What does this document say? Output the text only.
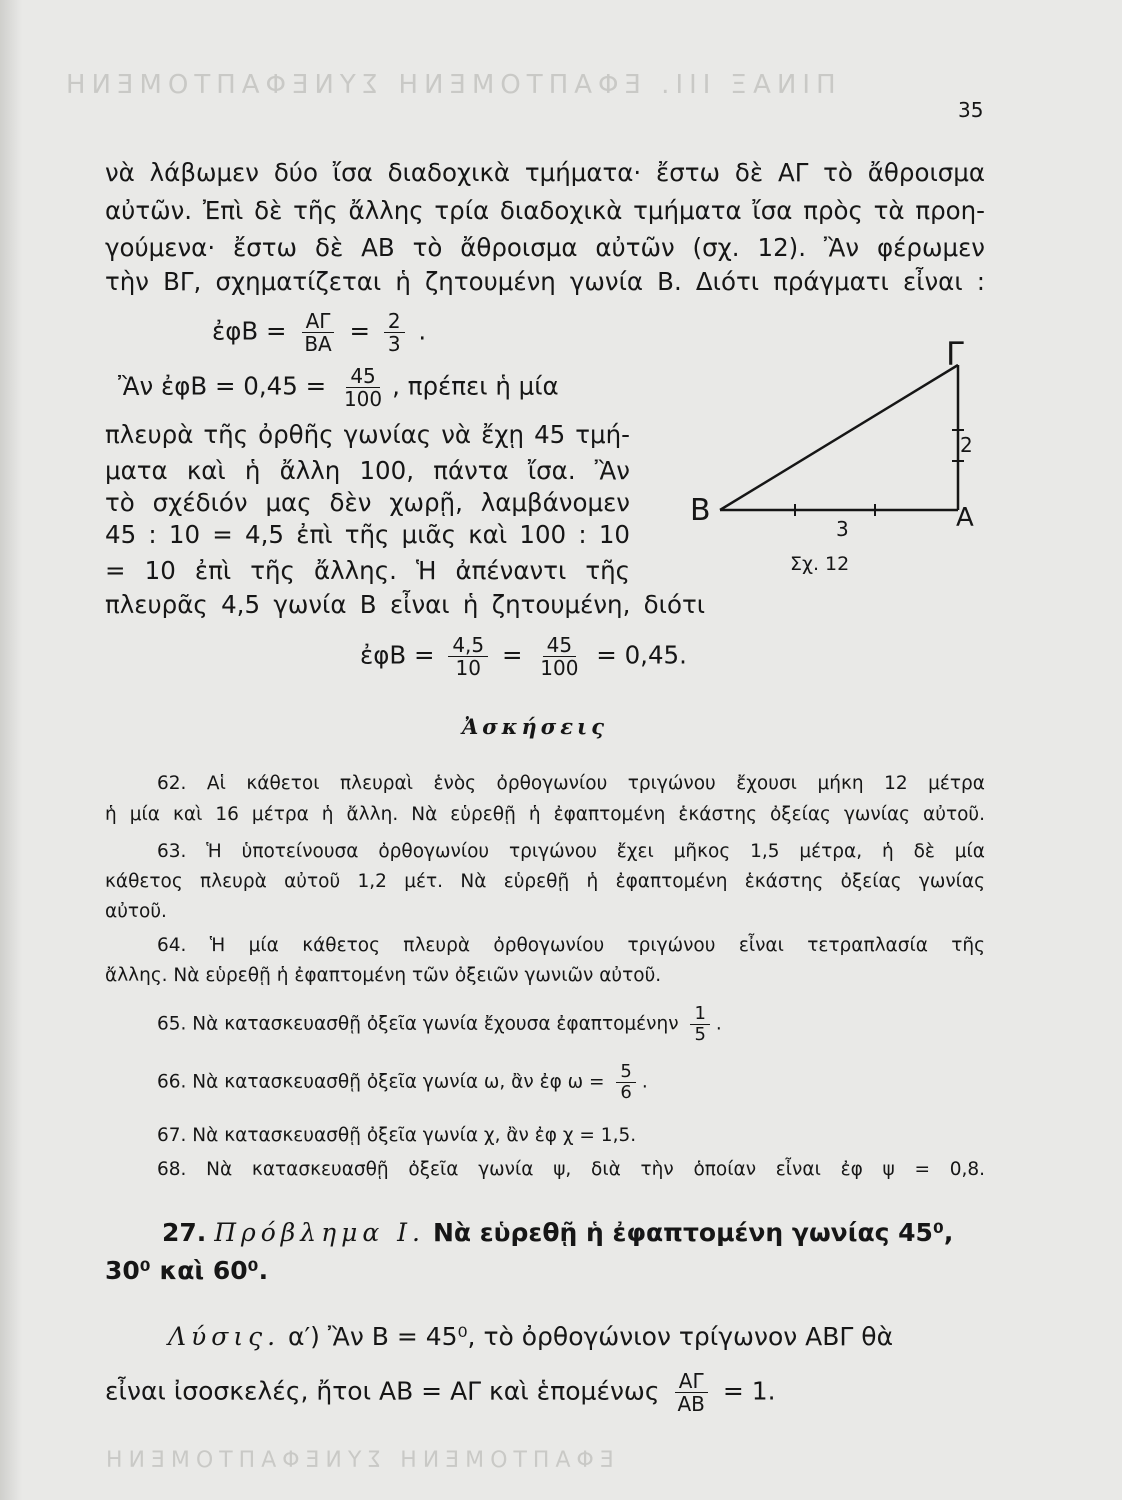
ΠΙΝΑΞ III. ΕΦΑΠΤΟΜΕΝΗ ΣΥΝΕΦΑΠΤΟΜΕΝΗ
ΕΦΑΠΤΟΜΕΝΗ ΣΥΝΕΦΑΠΤΟΜΕΝΗ
35
νὰ λάβωμεν δύο ἴσα διαδοχικὰ τμήματα· ἔστω δὲ ΑΓ τὸ ἄθροισμα
αὐτῶν. Ἐπὶ δὲ τῆς ἄλλης τρία διαδοχικὰ τμήματα ἴσα πρὸς τὰ προη-
γούμενα· ἔστω δὲ ΑΒ τὸ ἄθροισμα αὐτῶν (σχ. 12). Ἂν φέρωμεν
τὴν ΒΓ, σχηματίζεται ἡ ζητουμένη γωνία Β. Διότι πράγματι εἶναι :
ἐφΒ = $\frac{A\Gamma}{BA} = \frac{2}{3}$ .
Ἂν ἐφΒ = $0,45 = \frac{45}{100}$ , πρέπει ἡ μία
πλευρὰ τῆς ὀρθῆς γωνίας νὰ ἔχῃ 45 τμή-
ματα καὶ ἡ ἄλλη 100, πάντα ἴσα. Ἂν
τὸ σχέδιόν μας δὲν χωρῇ, λαμβάνομεν
45 : 10 = 4,5 ἐπὶ τῆς μιᾶς καὶ 100 : 10
= 10 ἐπὶ τῆς ἄλλης. Ἡ ἀπέναντι τῆς
πλευρᾶς 4,5 γωνία Β εἶναι ἡ ζητουμένη, διότι
ἐφΒ = $\frac{4,5}{10} = \frac{45}{100} = 0,45$.
Γ
Β	Α
2
3
Σχ. 12
Ἀσκήσεις
62. Αἱ κάθετοι πλευραὶ ἑνὸς ὀρθογωνίου τριγώνου ἔχουσι μήκη 12 μέτρα
ἡ μία καὶ 16 μέτρα ἡ ἄλλη. Νὰ εὑρεθῇ ἡ ἐφαπτομένη ἑκάστης ὀξείας γωνίας αὐτοῦ.
63. Ἡ ὑποτείνουσα ὀρθογωνίου τριγώνου ἔχει μῆκος 1,5 μέτρα, ἡ δὲ μία
κάθετος πλευρὰ αὐτοῦ 1,2 μέτ. Νὰ εὑρεθῇ ἡ ἐφαπτομένη ἑκάστης ὀξείας γωνίας
αὐτοῦ.
64. Ἡ μία κάθετος πλευρὰ ὀρθογωνίου τριγώνου εἶναι τετραπλασία τῆς
ἄλλης. Νὰ εὑρεθῇ ἡ ἐφαπτομένη τῶν ὀξειῶν γωνιῶν αὐτοῦ.
65. Νὰ κατασκευασθῇ ὀξεῖα γωνία ἔχουσα ἐφαπτομένην $\frac{1}{5}$ .
66. Νὰ κατασκευασθῇ ὀξεῖα γωνία ω, ἂν ἐφ $\omega = \frac{5}{6}$ .
67. Νὰ κατασκευασθῇ ὀξεῖα γωνία χ, ἂν ἐφ χ = 1,5.
68. Νὰ κατασκευασθῇ ὀξεῖα γωνία ψ, διὰ τὴν ὁποίαν εἶναι ἐφ ψ = 0,8.
27. Πρόβλημα Ι. Νὰ εὑρεθῇ ἡ ἐφαπτομένη γωνίας 45⁰,
30⁰ καὶ 60⁰.
Λύσις. α′) Ἂν Β = 45⁰, τὸ ὀρθογώνιον τρίγωνον ΑΒΓ θὰ
εἶναι ἰσοσκελές, ἤτοι ΑΒ = ΑΓ καὶ ἑπομένως $\frac{A\Gamma}{AB} = 1$.
